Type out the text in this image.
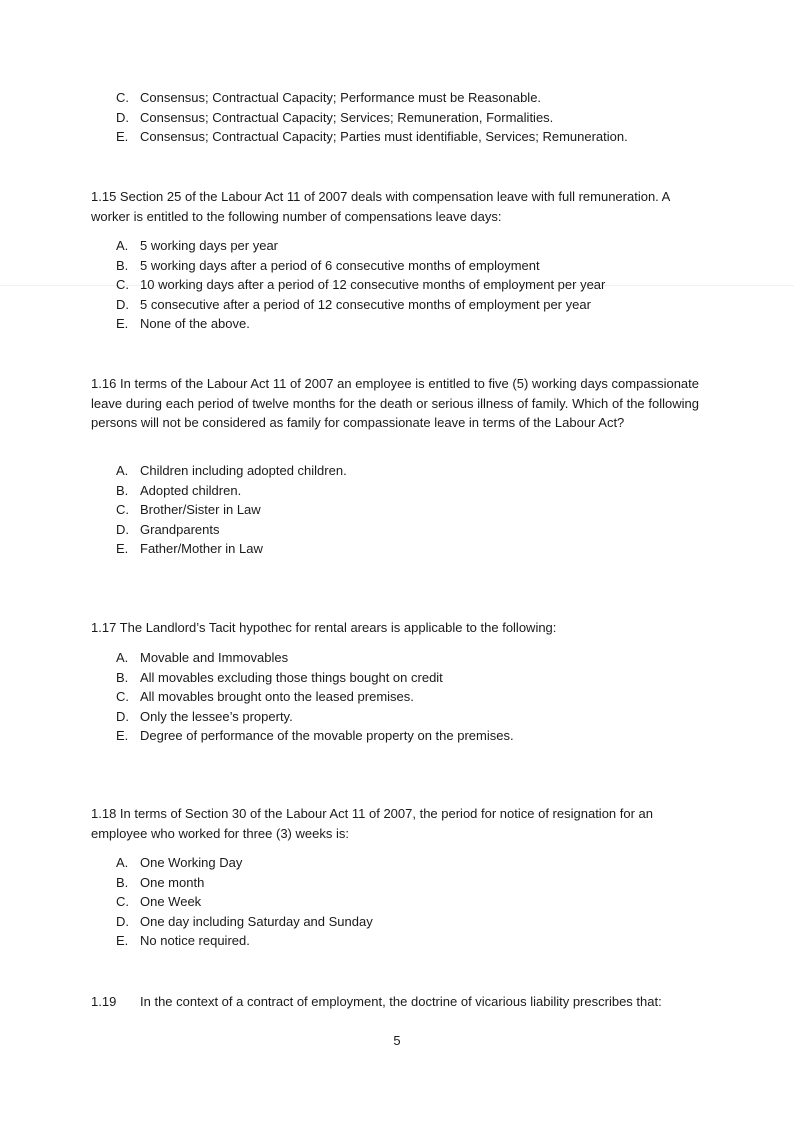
C. Consensus; Contractual Capacity; Performance must be Reasonable.
D. Consensus; Contractual Capacity; Services; Remuneration, Formalities.
E. Consensus; Contractual Capacity; Parties must identifiable, Services; Remuneration.

1.15 Section 25 of the Labour Act 11 of 2007 deals with compensation leave with full remuneration. A worker is entitled to the following number of compensations leave days:

A. 5 working days per year
B. 5 working days after a period of 6 consecutive months of employment
C. 10 working days after a period of 12 consecutive months of employment per year
D. 5 consecutive after a period of 12 consecutive months of employment per year
E. None of the above.

1.16 In terms of the Labour Act 11 of 2007 an employee is entitled to five (5) working days compassionate leave during each period of twelve months for the death or serious illness of family. Which of the following persons will not be considered as family for compassionate leave in terms of the Labour Act?

A. Children including adopted children.
B. Adopted children.
C. Brother/Sister in Law
D. Grandparents
E. Father/Mother in Law

1.17 The Landlord’s Tacit hypothec for rental arears is applicable to the following:

A. Movable and Immovables
B. All movables excluding those things bought on credit
C. All movables brought onto the leased premises.
D. Only the lessee’s property.
E. Degree of performance of the movable property on the premises.

1.18 In terms of Section 30 of the Labour Act 11 of 2007, the period for notice of resignation for an employee who worked for three (3) weeks is:

A. One Working Day
B. One month
C. One Week
D. One day including Saturday and Sunday
E. No notice required.
1.19 In the context of a contract of employment, the doctrine of vicarious liability prescribes that:
5
